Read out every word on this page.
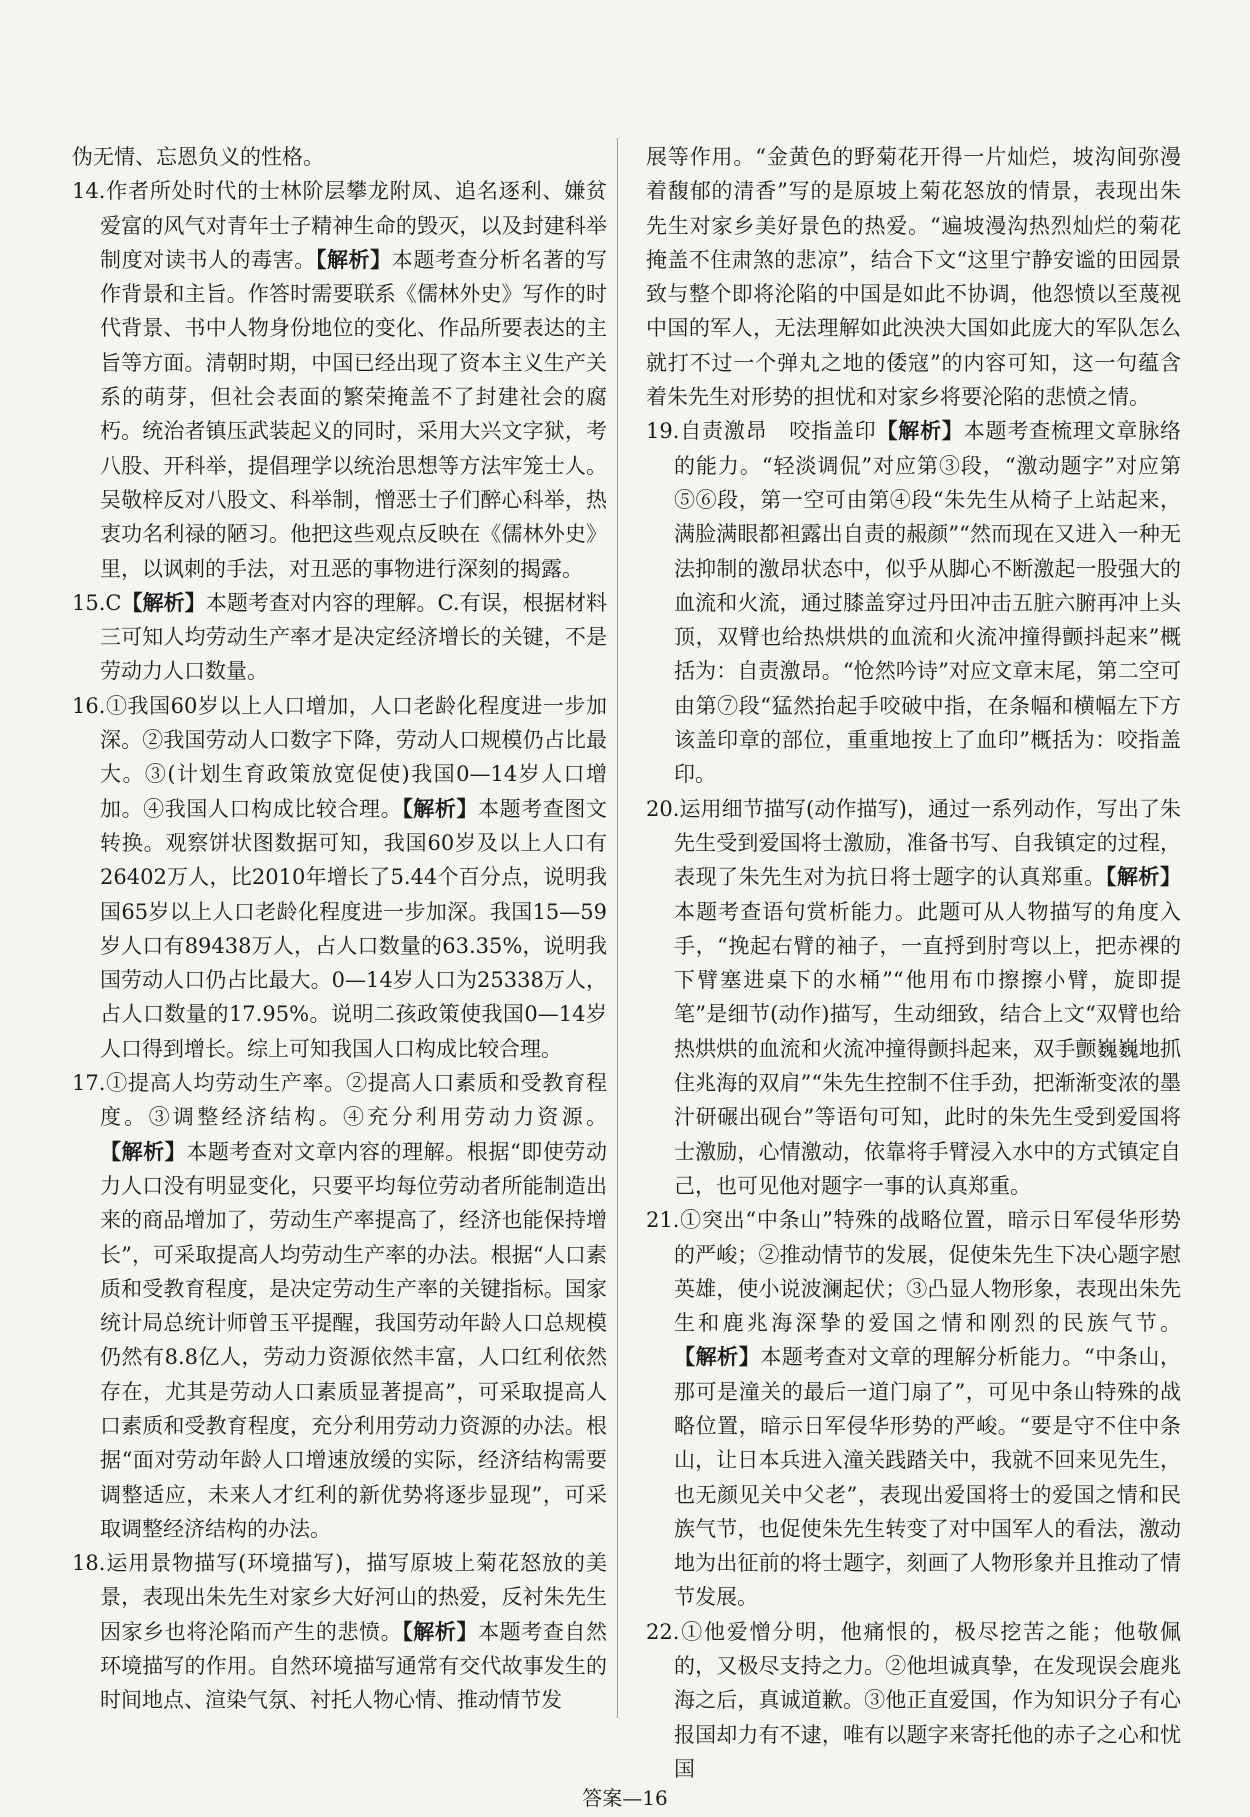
伪无情、忘恩负义的性格。

14.作者所处时代的士林阶层攀龙附凤、追名逐利、嫌贫爱富的风气对青年士子精神生命的毁灭，以及封建科举制度对读书人的毒害。【解析】本题考查分析名著的写作背景和主旨。作答时需要联系《儒林外史》写作的时代背景、书中人物身份地位的变化、作品所要表达的主旨等方面。清朝时期，中国已经出现了资本主义生产关系的萌芽，但社会表面的繁荣掩盖不了封建社会的腐朽。统治者镇压武装起义的同时，采用大兴文字狱，考八股、开科举，提倡理学以统治思想等方法牢笼士人。吴敬梓反对八股文、科举制，憎恶士子们醉心科举，热衷功名利禄的陋习。他把这些观点反映在《儒林外史》里，以讽刺的手法，对丑恶的事物进行深刻的揭露。

15.C【解析】本题考查对内容的理解。C.有误，根据材料三可知人均劳动生产率才是决定经济增长的关键，不是劳动力人口数量。

16.①我国60岁以上人口增加，人口老龄化程度进一步加深。②我国劳动人口数字下降，劳动人口规模仍占比最大。③(计划生育政策放宽促使)我国0—14岁人口增加。④我国人口构成比较合理。【解析】本题考查图文转换。观察饼状图数据可知，我国60岁及以上人口有26402万人，比2010年增长了5.44个百分点，说明我国65岁以上人口老龄化程度进一步加深。我国15—59岁人口有89438万人，占人口数量的63.35%，说明我国劳动人口仍占比最大。0—14岁人口为25338万人，占人口数量的17.95%。说明二孩政策使我国0—14岁人口得到增长。综上可知我国人口构成比较合理。

17.①提高人均劳动生产率。②提高人口素质和受教育程度。③调整经济结构。④充分利用劳动力资源。【解析】本题考查对文章内容的理解。根据“即使劳动力人口没有明显变化，只要平均每位劳动者所能制造出来的商品增加了，劳动生产率提高了，经济也能保持增长”，可采取提高人均劳动生产率的办法。根据“人口素质和受教育程度，是决定劳动生产率的关键指标。国家统计局总统计师曾玉平提醒，我国劳动年龄人口总规模仍然有8.8亿人，劳动力资源依然丰富，人口红利依然存在，尤其是劳动人口素质显著提高”，可采取提高人口素质和受教育程度，充分利用劳动力资源的办法。根据“面对劳动年龄人口增速放缓的实际，经济结构需要调整适应，未来人才红利的新优势将逐步显现”，可采取调整经济结构的办法。

18.运用景物描写(环境描写)，描写原坡上菊花怒放的美景，表现出朱先生对家乡大好河山的热爱，反衬朱先生因家乡也将沦陷而产生的悲愤。【解析】本题考查自然环境描写的作用。自然环境描写通常有交代故事发生的时间地点、渲染气氛、衬托人物心情、推动情节发

展等作用。“金黄色的野菊花开得一片灿烂，坡沟间弥漫着馥郁的清香”写的是原坡上菊花怒放的情景，表现出朱先生对家乡美好景色的热爱。“遍坡漫沟热烈灿烂的菊花掩盖不住肃煞的悲凉”，结合下文“这里宁静安谧的田园景致与整个即将沦陷的中国是如此不协调，他怨愤以至蔑视中国的军人，无法理解如此泱泱大国如此庞大的军队怎么就打不过一个弹丸之地的倭寇”的内容可知，这一句蕴含着朱先生对形势的担忧和对家乡将要沦陷的悲愤之情。

19.自责激昂　咬指盖印【解析】本题考查梳理文章脉络的能力。“轻淡调侃”对应第③段，“激动题字”对应第⑤⑥段，第一空可由第④段“朱先生从椅子上站起来，满脸满眼都袒露出自责的赧颜”“然而现在又进入一种无法抑制的激昂状态中，似乎从脚心不断激起一股强大的血流和火流，通过膝盖穿过丹田冲击五脏六腑再冲上头顶，双臂也给热烘烘的血流和火流冲撞得颤抖起来”概括为：自责激昂。“怆然吟诗”对应文章末尾，第二空可由第⑦段“猛然抬起手咬破中指，在条幅和横幅左下方该盖印章的部位，重重地按上了血印”概括为：咬指盖印。

20.运用细节描写(动作描写)，通过一系列动作，写出了朱先生受到爱国将士激励，准备书写、自我镇定的过程，表现了朱先生对为抗日将士题字的认真郑重。【解析】本题考查语句赏析能力。此题可从人物描写的角度入手，“挽起右臂的袖子，一直捋到肘弯以上，把赤裸的下臂塞进桌下的水桶”“他用布巾擦擦小臂，旋即提笔”是细节(动作)描写，生动细致，结合上文“双臂也给热烘烘的血流和火流冲撞得颤抖起来，双手颤巍巍地抓住兆海的双肩”“朱先生控制不住手劲，把渐渐变浓的墨汁研碾出砚台”等语句可知，此时的朱先生受到爱国将士激励，心情激动，依靠将手臂浸入水中的方式镇定自己，也可见他对题字一事的认真郑重。

21.①突出“中条山”特殊的战略位置，暗示日军侵华形势的严峻；②推动情节的发展，促使朱先生下决心题字慰英雄，使小说波澜起伏；③凸显人物形象，表现出朱先生和鹿兆海深挚的爱国之情和刚烈的民族气节。【解析】本题考查对文章的理解分析能力。“中条山，那可是潼关的最后一道门扇了”，可见中条山特殊的战略位置，暗示日军侵华形势的严峻。“要是守不住中条山，让日本兵进入潼关践踏关中，我就不回来见先生，也无颜见关中父老”，表现出爱国将士的爱国之情和民族气节，也促使朱先生转变了对中国军人的看法，激动地为出征前的将士题字，刻画了人物形象并且推动了情节发展。

22.①他爱憎分明，他痛恨的，极尽挖苦之能；他敬佩的，又极尽支持之力。②他坦诚真挚，在发现误会鹿兆海之后，真诚道歉。③他正直爱国，作为知识分子有心报国却力有不逮，唯有以题字来寄托他的赤子之心和忧国

答案—16
